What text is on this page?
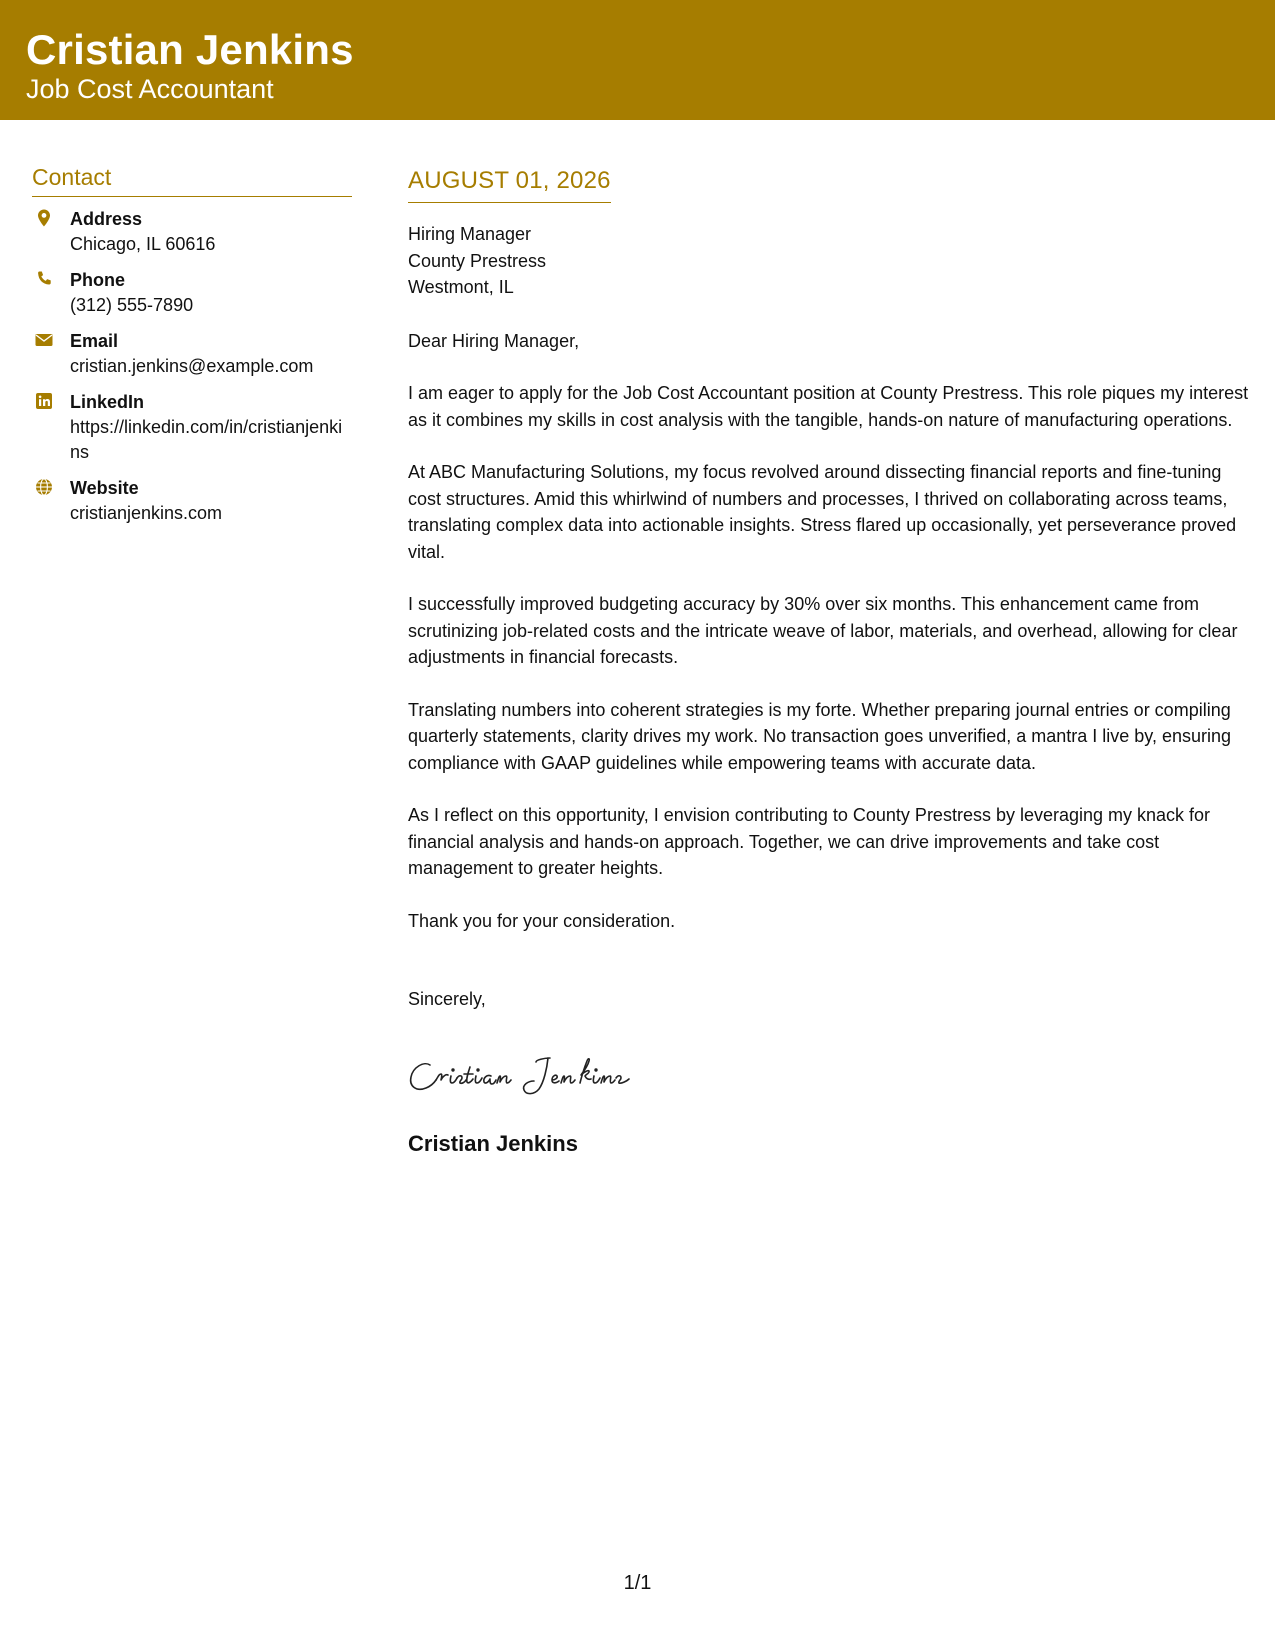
Cristian Jenkins
Job Cost Accountant
Contact
Address
Chicago, IL 60616
Phone
(312) 555-7890
Email
cristian.jenkins@example.com
LinkedIn
https://linkedin.com/in/cristianjenkins
Website
cristianjenkins.com
AUGUST 01, 2026
Hiring Manager
County Prestress
Westmont, IL
Dear Hiring Manager,
I am eager to apply for the Job Cost Accountant position at County Prestress. This role piques my interest as it combines my skills in cost analysis with the tangible, hands-on nature of manufacturing operations.
At ABC Manufacturing Solutions, my focus revolved around dissecting financial reports and fine-tuning cost structures. Amid this whirlwind of numbers and processes, I thrived on collaborating across teams, translating complex data into actionable insights. Stress flared up occasionally, yet perseverance proved vital.
I successfully improved budgeting accuracy by 30% over six months. This enhancement came from scrutinizing job-related costs and the intricate weave of labor, materials, and overhead, allowing for clear adjustments in financial forecasts.
Translating numbers into coherent strategies is my forte. Whether preparing journal entries or compiling quarterly statements, clarity drives my work. No transaction goes unverified, a mantra I live by, ensuring compliance with GAAP guidelines while empowering teams with accurate data.
As I reflect on this opportunity, I envision contributing to County Prestress by leveraging my knack for financial analysis and hands-on approach. Together, we can drive improvements and take cost management to greater heights.
Thank you for your consideration.
Sincerely,
Cristian Jenkins
1/1
